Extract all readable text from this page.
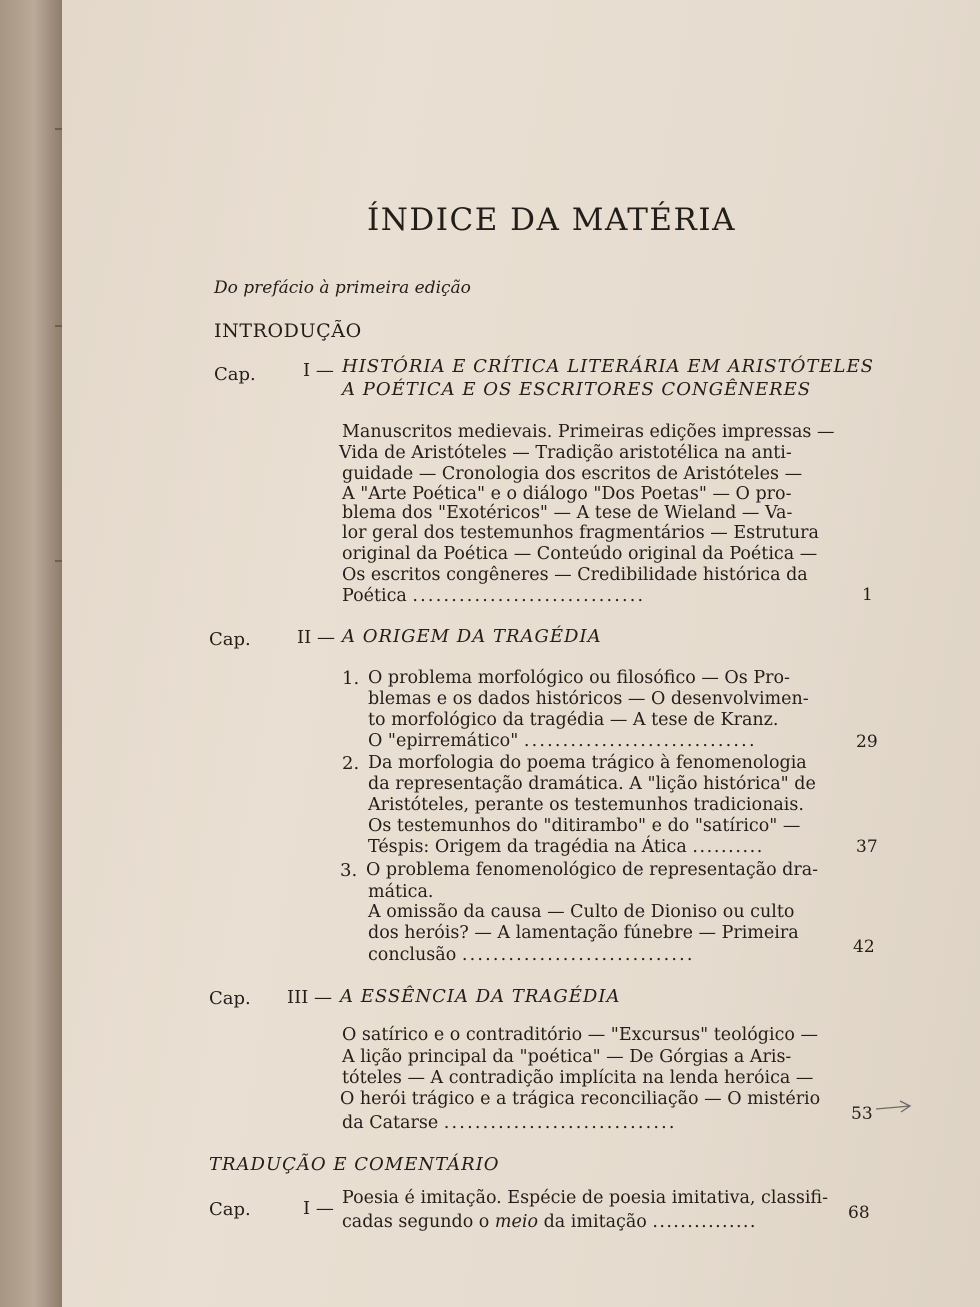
ÍNDICE DA MATÉRIA
Do prefácio à primeira edição
INTRODUÇÃO
Cap.	I — HISTÓRIA E CRÍTICA LITERÁRIA EM ARISTÓTELES
A POÉTICA E OS ESCRITORES CONGÊNERES
Manuscritos medievais. Primeiras edições impressas —
Vida de Aristóteles — Tradição aristotélica na anti-
guidade — Cronologia dos escritos de Aristóteles —
A "Arte Poética" e o diálogo "Dos Poetas" — O pro-
blema dos "Exotéricos" — A tese de Wieland — Va-
lor geral dos testemunhos fragmentários — Estrutura
original da Poética — Conteúdo original da Poética —
Os escritos congêneres — Credibilidade histórica da
Poética ..............................	1
Cap.	II — A ORIGEM DA TRAGÉDIA
1. O problema morfológico ou filosófico — Os Pro-
blemas e os dados históricos — O desenvolvimen-
to morfológico da tragédia — A tese de Kranz.
O "epirremático" ..............................	29
2. Da morfologia do poema trágico à fenomenologia
da representação dramática. A "lição histórica" de
Aristóteles, perante os testemunhos tradicionais.
Os testemunhos do "ditirambo" e do "satírico" —
Téspis: Origem da tragédia na Ática ..........	37
3. O problema fenomenológico de representação dra-
mática.
A omissão da causa — Culto de Dioniso ou culto
dos heróis? — A lamentação fúnebre — Primeira
conclusão ..............................	42
Cap. III — A ESSÊNCIA DA TRAGÉDIA
O satírico e o contraditório — "Excursus" teológico —
A lição principal da "poética" — De Górgias a Aris-
tóteles — A contradição implícita na lenda heróica —
O herói trágico e a trágica reconciliação — O mistério
da Catarse ..............................	53
TRADUÇÃO E COMENTÁRIO
Cap.	I — Poesia é imitação. Espécie de poesia imitativa, classifi-
cadas segundo o meio da imitação ...............	68
